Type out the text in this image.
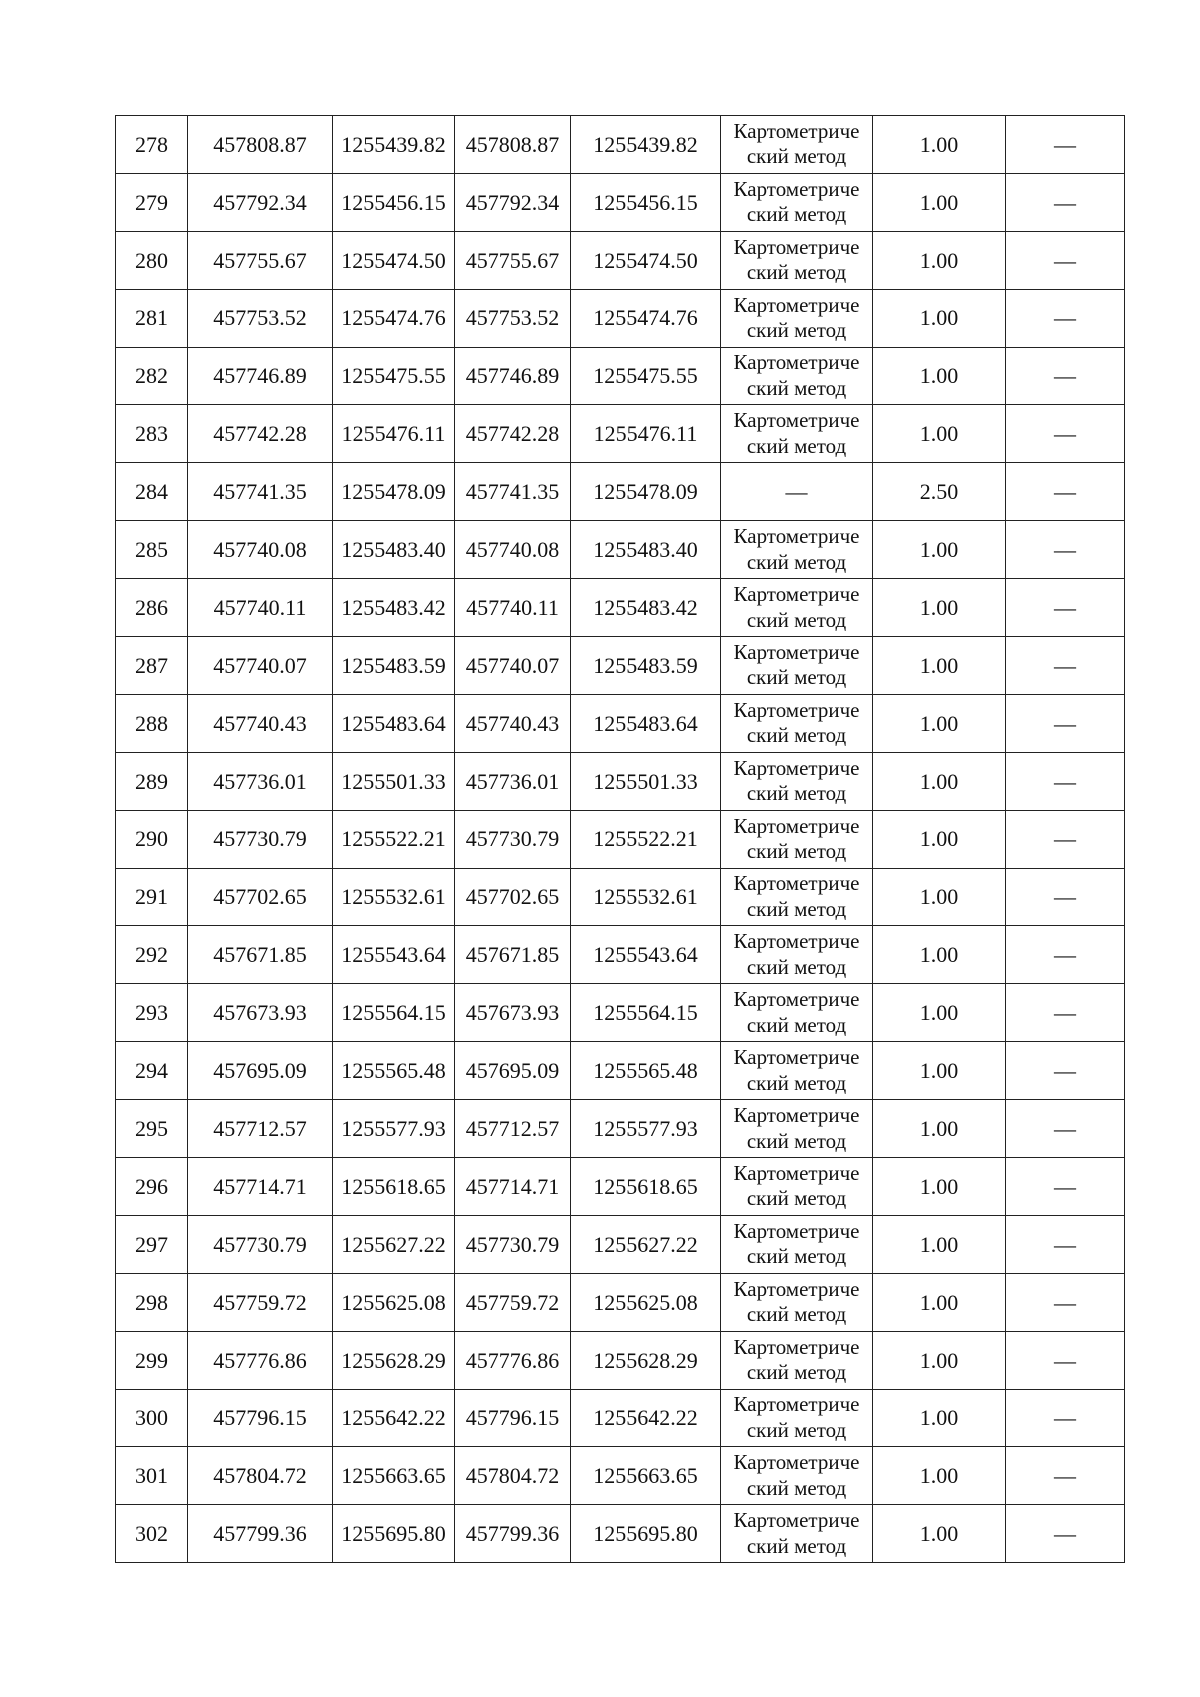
278	457808.87	1255439.82	457808.87	1255439.82	Картометриче
ский метод	1.00	—
279	457792.34	1255456.15	457792.34	1255456.15	Картометриче
ский метод	1.00	—
280	457755.67	1255474.50	457755.67	1255474.50	Картометриче
ский метод	1.00	—
281	457753.52	1255474.76	457753.52	1255474.76	Картометриче
ский метод	1.00	—
282	457746.89	1255475.55	457746.89	1255475.55	Картометриче
ский метод	1.00	—
283	457742.28	1255476.11	457742.28	1255476.11	Картометриче
ский метод	1.00	—
284	457741.35	1255478.09	457741.35	1255478.09	—	2.50	—
285	457740.08	1255483.40	457740.08	1255483.40	Картометриче
ский метод	1.00	—
286	457740.11	1255483.42	457740.11	1255483.42	Картометриче
ский метод	1.00	—
287	457740.07	1255483.59	457740.07	1255483.59	Картометриче
ский метод	1.00	—
288	457740.43	1255483.64	457740.43	1255483.64	Картометриче
ский метод	1.00	—
289	457736.01	1255501.33	457736.01	1255501.33	Картометриче
ский метод	1.00	—
290	457730.79	1255522.21	457730.79	1255522.21	Картометриче
ский метод	1.00	—
291	457702.65	1255532.61	457702.65	1255532.61	Картометриче
ский метод	1.00	—
292	457671.85	1255543.64	457671.85	1255543.64	Картометриче
ский метод	1.00	—
293	457673.93	1255564.15	457673.93	1255564.15	Картометриче
ский метод	1.00	—
294	457695.09	1255565.48	457695.09	1255565.48	Картометриче
ский метод	1.00	—
295	457712.57	1255577.93	457712.57	1255577.93	Картометриче
ский метод	1.00	—
296	457714.71	1255618.65	457714.71	1255618.65	Картометриче
ский метод	1.00	—
297	457730.79	1255627.22	457730.79	1255627.22	Картометриче
ский метод	1.00	—
298	457759.72	1255625.08	457759.72	1255625.08	Картометриче
ский метод	1.00	—
299	457776.86	1255628.29	457776.86	1255628.29	Картометриче
ский метод	1.00	—
300	457796.15	1255642.22	457796.15	1255642.22	Картометриче
ский метод	1.00	—
301	457804.72	1255663.65	457804.72	1255663.65	Картометриче
ский метод	1.00	—
302	457799.36	1255695.80	457799.36	1255695.80	Картометриче
ский метод	1.00	—
